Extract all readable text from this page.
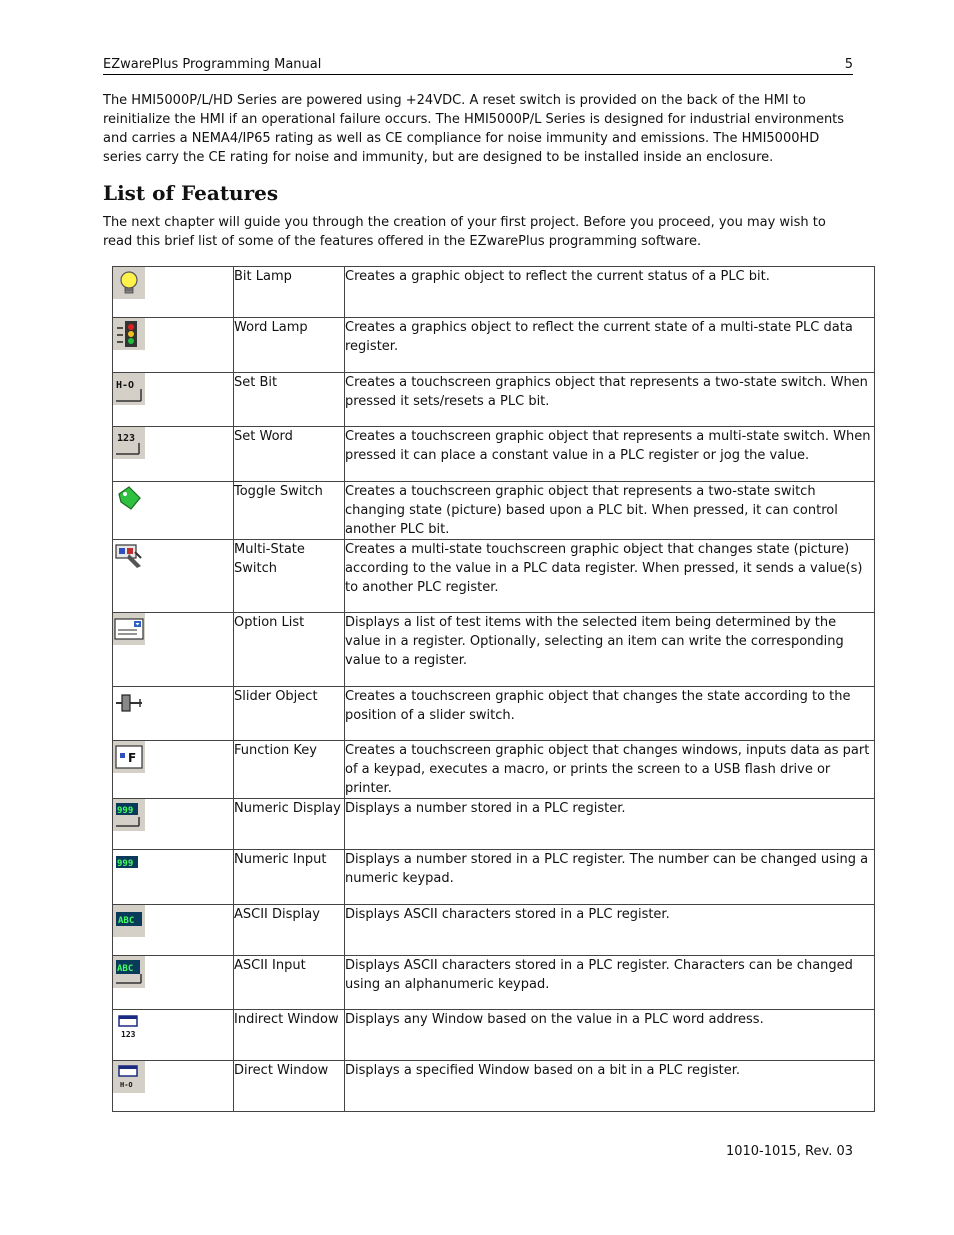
EZwarePlus Programming Manual	5

The HMI5000P/L/HD Series are powered using +24VDC. A reset switch is provided on the back of the HMI to reinitialize the HMI if an operational failure occurs. The HMI5000P/L Series is designed for industrial environments and carries a NEMA4/IP65 rating as well as CE compliance for noise immunity and emissions. The HMI5000HD series carry the CE rating for noise and immunity, but are designed to be installed inside an enclosure.

List of Features

The next chapter will guide you through the creation of your first project. Before you proceed, you may wish to read this brief list of some of the features offered in the EZwarePlus programming software.

	Bit Lamp	Creates a graphic object to reflect the current status of a PLC bit.

	Word Lamp	Creates a graphics object to reflect the current state of a multi-state PLC data register.

H-O	Set Bit	Creates a touchscreen graphics object that represents a two-state switch. When pressed it sets/resets a PLC bit.

123	Set Word	Creates a touchscreen graphic object that represents a multi-state switch. When pressed it can place a constant value in a PLC register or jog the value.

	Toggle Switch	Creates a touchscreen graphic object that represents a two-state switch changing state (picture) based upon a PLC bit. When pressed, it can control another PLC bit.

	Multi-State Switch	Creates a multi-state touchscreen graphic object that changes state (picture) according to the value in a PLC data register. When pressed, it sends a value(s) to another PLC register.

	Option List	Displays a list of test items with the selected item being determined by the value in a register. Optionally, selecting an item can write the corresponding value to a register.

	Slider Object	Creates a touchscreen graphic object that changes the state according to the position of a slider switch.

F	Function Key	Creates a touchscreen graphic object that changes windows, inputs data as part of a keypad, executes a macro, or prints the screen to a USB flash drive or printer.

999	Numeric Display	Displays a number stored in a PLC register.

999	Numeric Input	Displays a number stored in a PLC register. The number can be changed using a numeric keypad.

ABC	ASCII Display	Displays ASCII characters stored in a PLC register.

ABC	ASCII Input	Displays ASCII characters stored in a PLC register. Characters can be changed using an alphanumeric keypad.

123	Indirect Window	Displays any Window based on the value in a PLC word address.

H-O	Direct Window	Displays a specified Window based on a bit in a PLC register.
1010-1015, Rev. 03
